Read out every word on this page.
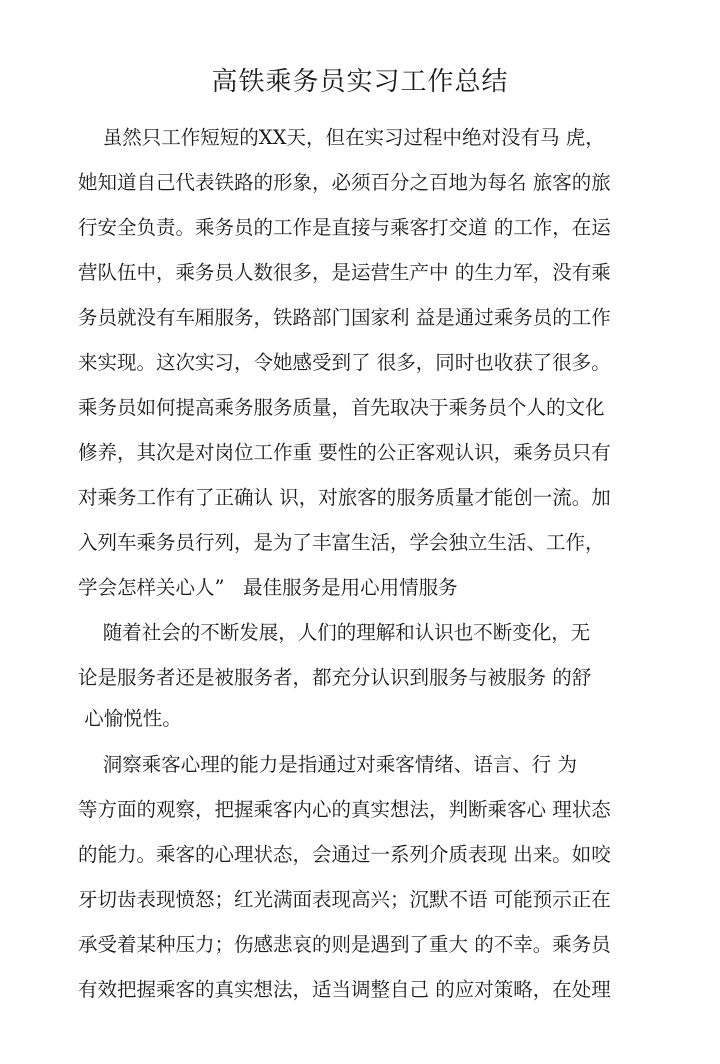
高铁乘务员实习工作总结
虽然只工作短短的XX天，但在实习过程中绝对没有马 虎，
她知道自己代表铁路的形象，必须百分之百地为每名 旅客的旅
行安全负责。乘务员的工作是直接与乘客打交道 的工作，在运
营队伍中，乘务员人数很多，是运营生产中 的生力军，没有乘
务员就没有车厢服务，铁路部门国家利 益是通过乘务员的工作
来实现。这次实习，令她感受到了 很多，同时也收获了很多。
乘务员如何提高乘务服务质量，首先取决于乘务员个人的文化
修养，其次是对岗位工作重 要性的公正客观认识，乘务员只有
对乘务工作有了正确认 识，对旅客的服务质量才能创一流。加
入列车乘务员行列，是为了丰富生活，学会独立生活、工作，
学会怎样关心人”   最佳服务是用心用情服务
随着社会的不断发展，人们的理解和认识也不断变化，无
论是服务者还是被服务者，都充分认识到服务与被服务 的舒
心愉悦性。
洞察乘客心理的能力是指通过对乘客情绪、语言、行 为
等方面的观察，把握乘客内心的真实想法，判断乘客心 理状态
的能力。乘客的心理状态，会通过一系列介质表现 出来。如咬
牙切齿表现愤怒；红光满面表现高兴；沉默不语 可能预示正在
承受着某种压力；伤感悲哀的则是遇到了重大 的不幸。乘务员
有效把握乘客的真实想法，适当调整自己 的应对策略，在处理
